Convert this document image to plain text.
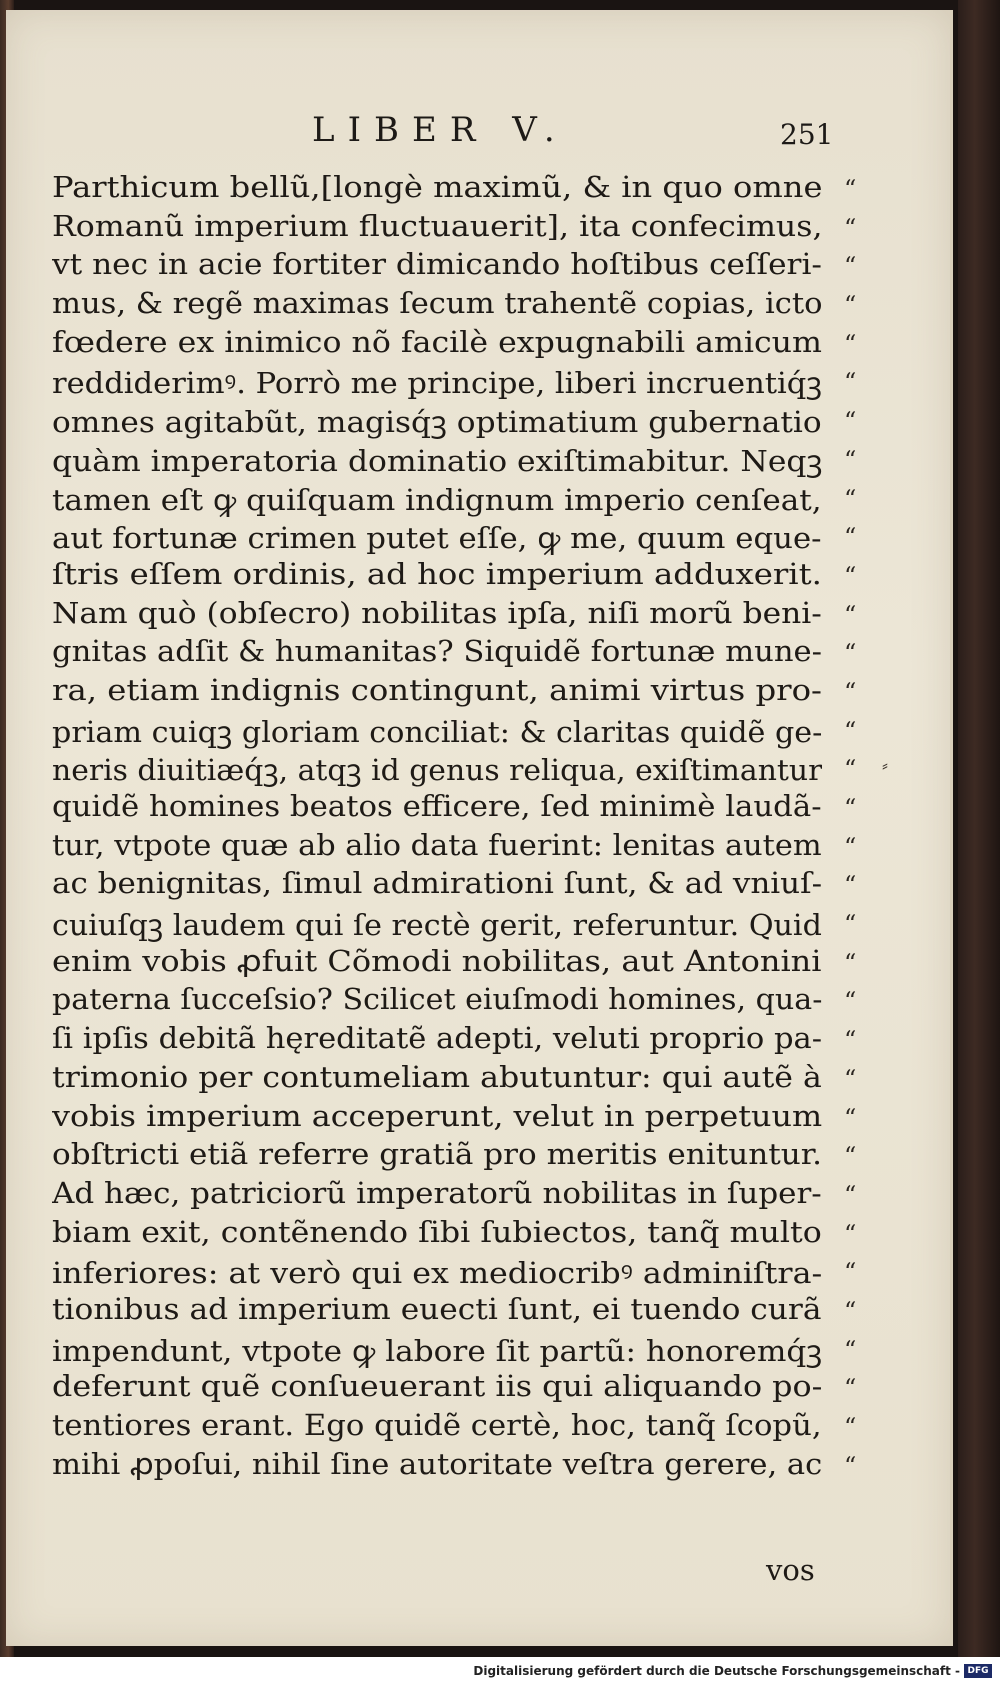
LIBER V.	251
Parthicum bellũ,[longè maximũ, & in quo omne
Romanũ imperium fluctuauerit], ita confecimus,
vt nec in acie fortiter dimicando hoſtibus ceſſeri-
mus, & regẽ maximas ſecum trahentẽ copias, icto
fœdere ex inimico nõ facilè expugnabili amicum
reddiderimꝰ. Porrò me principe, liberi incruentiq́ꝫ
omnes agitabũt, magisq́ꝫ optimatium gubernatio
quàm imperatoria dominatio exiſtimabitur. Neqꝫ
tamen eſt ꝙ quiſquam indignum imperio cenſeat,
aut fortunæ crimen putet eſſe, ꝙ me, quum eque-
ſtris eſſem ordinis, ad hoc imperium adduxerit.
Nam quò (obſecro) nobilitas ipſa, niſi morũ beni-
gnitas adſit & humanitas? Siquidẽ fortunæ mune-
ra, etiam indignis contingunt, animi virtus pro-
priam cuiqꝫ gloriam conciliat: & claritas quidẽ ge-
neris diuitiæq́ꝫ, atqꝫ id genus reliqua, exiſtimantur
quidẽ homines beatos efficere, ſed minimè laudã-
tur, vtpote quæ ab alio data fuerint: lenitas autem
ac benignitas, ſimul admirationi ſunt, & ad vniuſ-
cuiuſqꝫ laudem qui ſe rectè gerit, referuntur. Quid
enim vobis ꝓfuit Cõmodi nobilitas, aut Antonini
paterna ſucceſsio? Scilicet eiuſmodi homines, qua-
ſi ipſis debitã hęreditatẽ adepti, veluti proprio pa-
trimonio per contumeliam abutuntur: qui autẽ à
vobis imperium acceperunt, velut in perpetuum
obſtricti etiã referre gratiã pro meritis enituntur.
Ad hæc, patriciorũ imperatorũ nobilitas in ſuper-
biam exit, contẽnendo ſibi ſubiectos, tanq̃ multo
inferiores: at verò qui ex mediocribꝰ adminiſtra-
tionibus ad imperium euecti ſunt, ei tuendo curã
impendunt, vtpote ꝙ labore ſit partũ: honoremq́ꝫ
deferunt quẽ conſueuerant iis qui aliquando po-
tentiores erant. Ego quidẽ certè, hoc, tanq̃ ſcopũ,
mihi ꝓpoſui, nihil ſine autoritate veſtra gerere, ac
“
“
“
“
“
“
“
“
“
“
“
“
“
“
“
“
“
“
“
“
“
“
“
“
“
“
“
“
“
“
“
“
“
“
⸗
vos
Digitalisierung gefördert durch die Deutsche Forschungsgemeinschaft - DFG
